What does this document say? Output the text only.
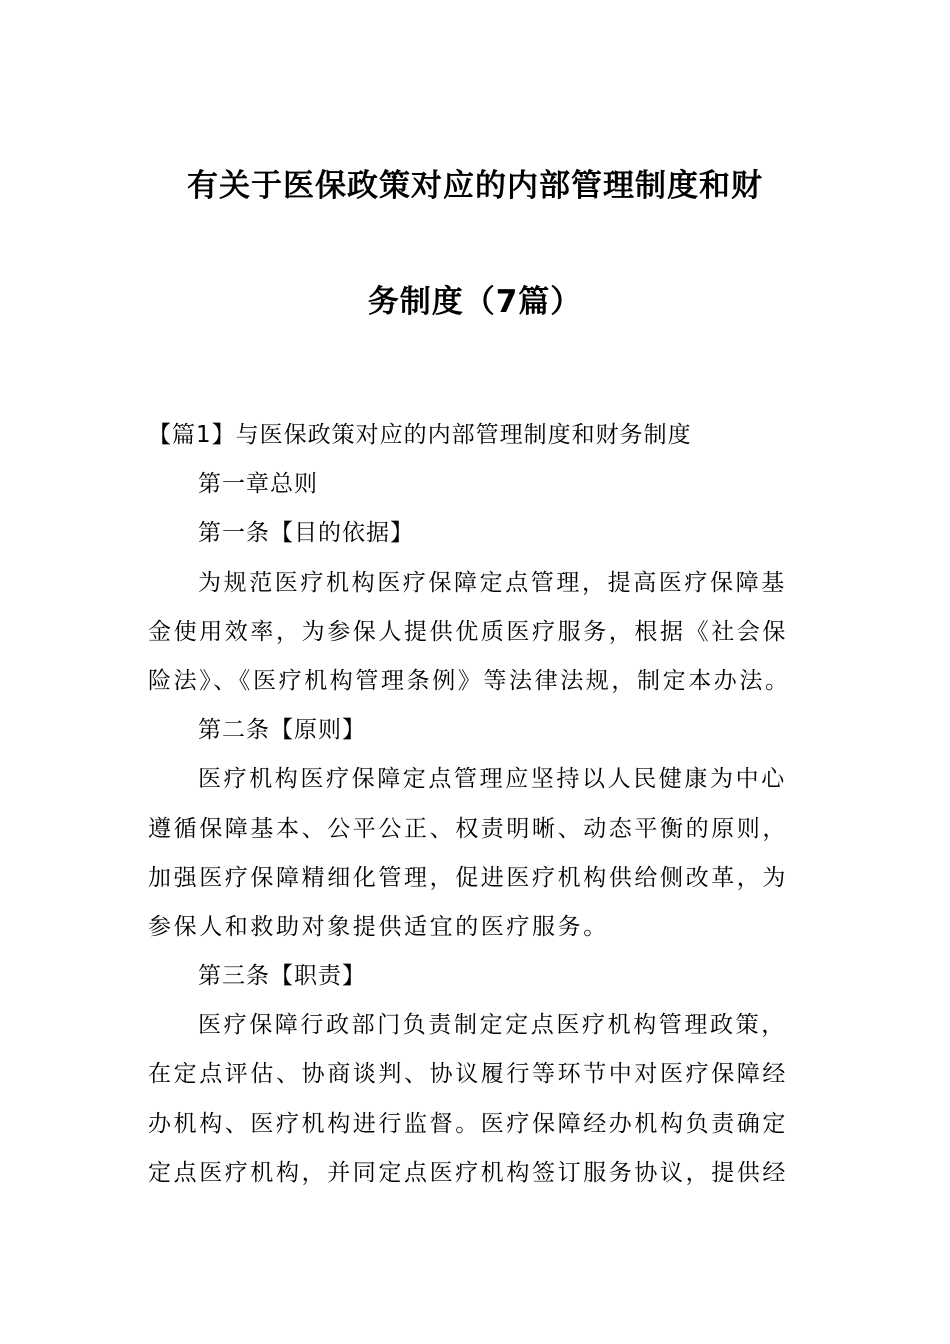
有关于医保政策对应的内部管理制度和财
务制度（7篇）
【篇1】与医保政策对应的内部管理制度和财务制度
第一章总则
第一条【目的依据】
为规范医疗机构医疗保障定点管理，提高医疗保障基
金使用效率，为参保人提供优质医疗服务，根据《社会保
险法》、《医疗机构管理条例》等法律法规，制定本办法。
第二条【原则】
医疗机构医疗保障定点管理应坚持以人民健康为中心
遵循保障基本、公平公正、权责明晰、动态平衡的原则，
加强医疗保障精细化管理，促进医疗机构供给侧改革，为
参保人和救助对象提供适宜的医疗服务。
第三条【职责】
医疗保障行政部门负责制定定点医疗机构管理政策，
在定点评估、协商谈判、协议履行等环节中对医疗保障经
办机构、医疗机构进行监督。医疗保障经办机构负责确定
定点医疗机构，并同定点医疗机构签订服务协议，提供经
